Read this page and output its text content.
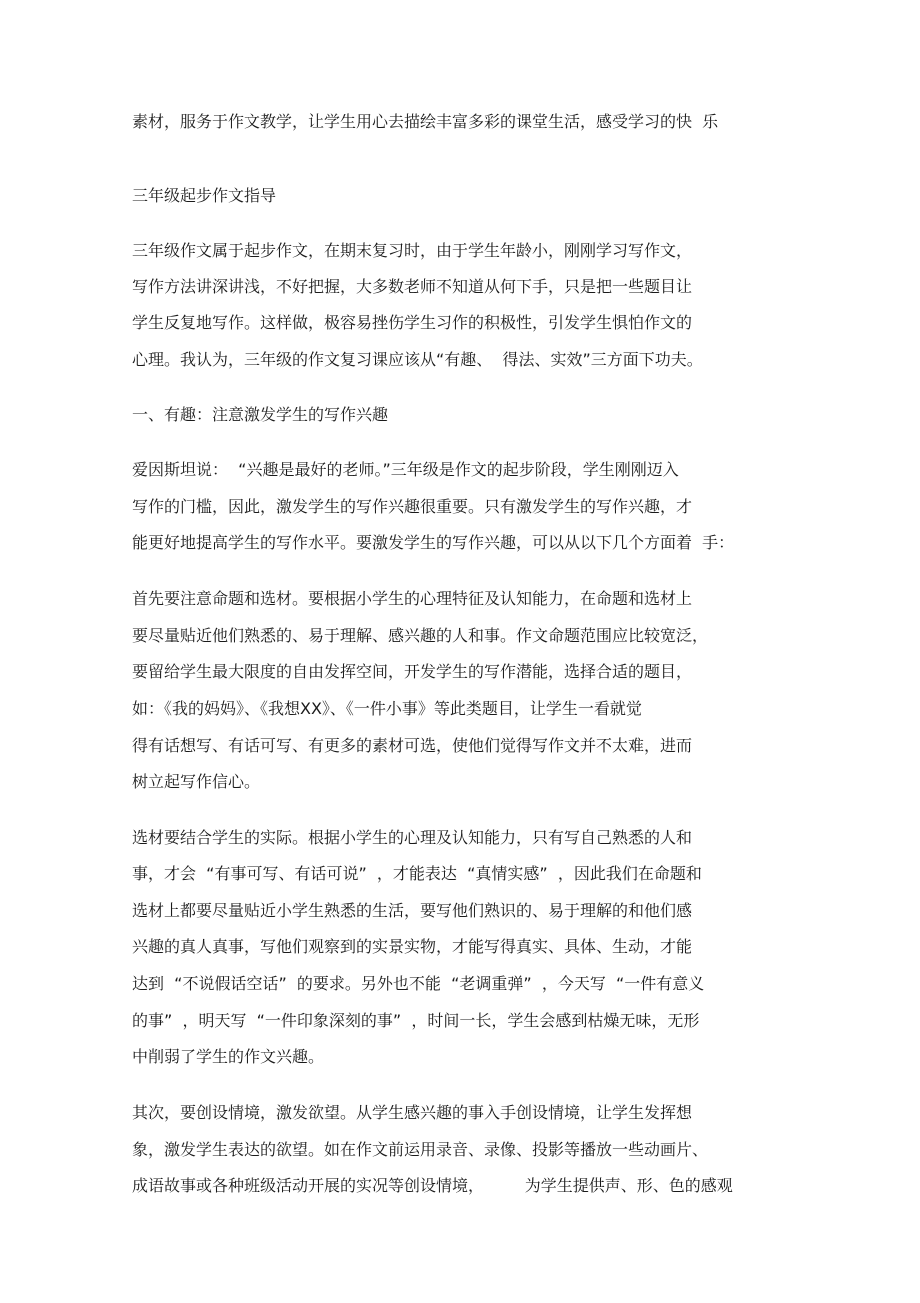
素材，服务于作文教学，让学生用心去描绘丰富多彩的课堂生活，感受学习的快  乐

三年级起步作文指导

三年级作文属于起步作文，在期末复习时，由于学生年龄小，刚刚学习写作文，

写作方法讲深讲浅，不好把握，大多数老师不知道从何下手，只是把一些题目让

学生反复地写作。这样做，极容易挫伤学生习作的积极性，引发学生惧怕作文的

心理。我认为，三年级的作文复习课应该从“有趣、  得法、实效”三方面下功夫。

一、有趣：注意激发学生的写作兴趣

爱因斯坦说：  “兴趣是最好的老师。”三年级是作文的起步阶段，学生刚刚迈入

写作的门槛，因此，激发学生的写作兴趣很重要。只有激发学生的写作兴趣，才

能更好地提高学生的写作水平。要激发学生的写作兴趣，可以从以下几个方面着  手：

首先要注意命题和选材。要根据小学生的心理特征及认知能力，在命题和选材上

要尽量贴近他们熟悉的、易于理解、感兴趣的人和事。作文命题范围应比较宽泛，

要留给学生最大限度的自由发挥空间，开发学生的写作潜能，选择合适的题目，

如：《我的妈妈》、《我想XX》、《一件小事》等此类题目，让学生一看就觉

得有话想写、有话可写、有更多的素材可选，使他们觉得写作文并不太难，进而

树立起写作信心。

选材要结合学生的实际。根据小学生的心理及认知能力，只有写自己熟悉的人和

事，才会  “有事可写、有话可说”  ，才能表达  “真情实感”  ，因此我们在命题和

选材上都要尽量贴近小学生熟悉的生活，要写他们熟识的、易于理解的和他们感

兴趣的真人真事，写他们观察到的实景实物，才能写得真实、具体、生动，才能

达到  “不说假话空话”  的要求。另外也不能  “老调重弹”  ，今天写  “一件有意义

的事”  ，明天写  “一件印象深刻的事”  ，时间一长，学生会感到枯燥无味，无形

中削弱了学生的作文兴趣。

其次，要创设情境，激发欲望。从学生感兴趣的事入手创设情境，让学生发挥想

象，激发学生表达的欲望。如在作文前运用录音、录像、投影等播放一些动画片、

成语故事或各种班级活动开展的实况等创设情境，        为学生提供声、形、色的感观
